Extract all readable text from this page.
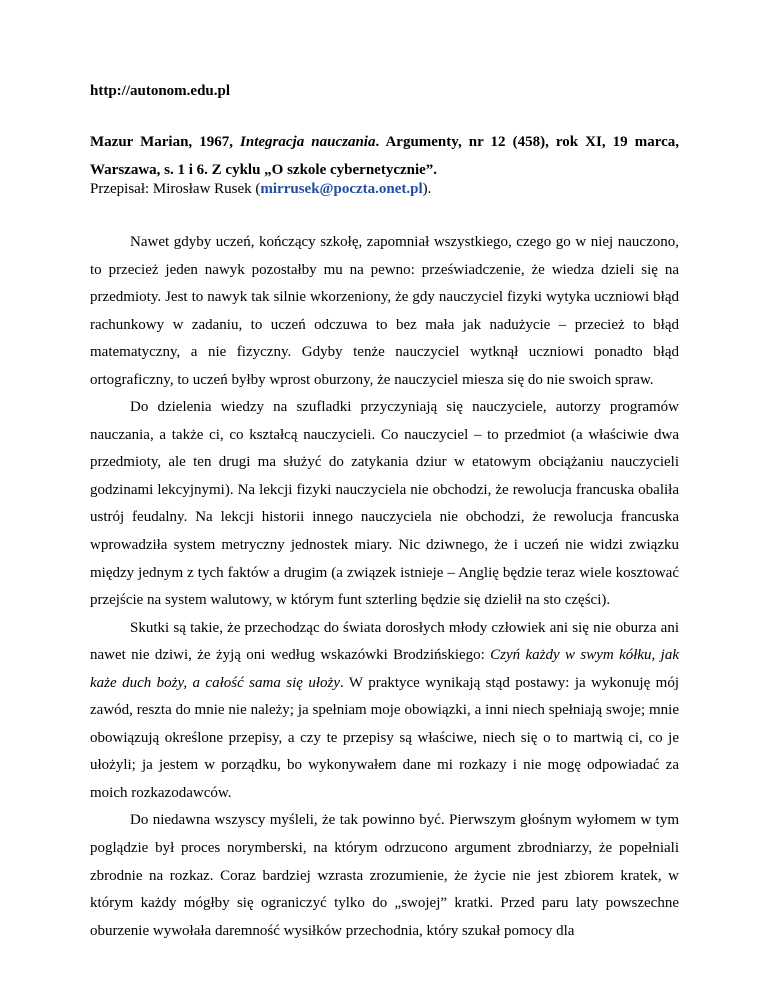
http://autonom.edu.pl
Mazur Marian, 1967, Integracja nauczania. Argumenty, nr 12 (458), rok XI, 19 marca, Warszawa, s. 1 i 6. Z cyklu „O szkole cybernetycznie”.
Przepisał: Mirosław Rusek (mirrusek@poczta.onet.pl).

Nawet gdyby uczeń, kończący szkołę, zapomniał wszystkiego, czego go w niej nauczono, to przecież jeden nawyk pozostałby mu na pewno: przeświadczenie, że wiedza dzieli się na przedmioty. Jest to nawyk tak silnie wkorzeniony, że gdy nauczyciel fizyki wytyka uczniowi błąd rachunkowy w zadaniu, to uczeń odczuwa to bez mała jak nadużycie – przecież to błąd matematyczny, a nie fizyczny. Gdyby tenże nauczyciel wytknął uczniowi ponadto błąd ortograficzny, to uczeń byłby wprost oburzony, że nauczyciel miesza się do nie swoich spraw.

Do dzielenia wiedzy na szufladki przyczyniają się nauczyciele, autorzy programów nauczania, a także ci, co kształcą nauczycieli. Co nauczyciel – to przedmiot (a właściwie dwa przedmioty, ale ten drugi ma służyć do zatykania dziur w etatowym obciążaniu nauczycieli godzinami lekcyjnymi). Na lekcji fizyki nauczyciela nie obchodzi, że rewolucja francuska obaliła ustrój feudalny. Na lekcji historii innego nauczyciela nie obchodzi, że rewolucja francuska wprowadziła system metryczny jednostek miary. Nic dziwnego, że i uczeń nie widzi związku między jednym z tych faktów a drugim (a związek istnieje – Anglię będzie teraz wiele kosztować przejście na system walutowy, w którym funt szterling będzie się dzielił na sto części).

Skutki są takie, że przechodząc do świata dorosłych młody człowiek ani się nie oburza ani nawet nie dziwi, że żyją oni według wskazówki Brodzińskiego: Czyń każdy w swym kółku, jak każe duch boży, a całość sama się ułoży. W praktyce wynikają stąd postawy: ja wykonuję mój zawód, reszta do mnie nie należy; ja spełniam moje obowiązki, a inni niech spełniają swoje; mnie obowiązują określone przepisy, a czy te przepisy są właściwe, niech się o to martwią ci, co je ułożyli; ja jestem w porządku, bo wykonywałem dane mi rozkazy i nie mogę odpowiadać za moich rozkazodawców.

Do niedawna wszyscy myśleli, że tak powinno być. Pierwszym głośnym wyłomem w tym poglądzie był proces norymberski, na którym odrzucono argument zbrodniarzy, że popełniali zbrodnie na rozkaz. Coraz bardziej wzrasta zrozumienie, że życie nie jest zbiorem kratek, w którym każdy mógłby się ograniczyć tylko do „swojej” kratki. Przed paru laty powszechne oburzenie wywołała daremność wysiłków przechodnia, który szukał pomocy dla
